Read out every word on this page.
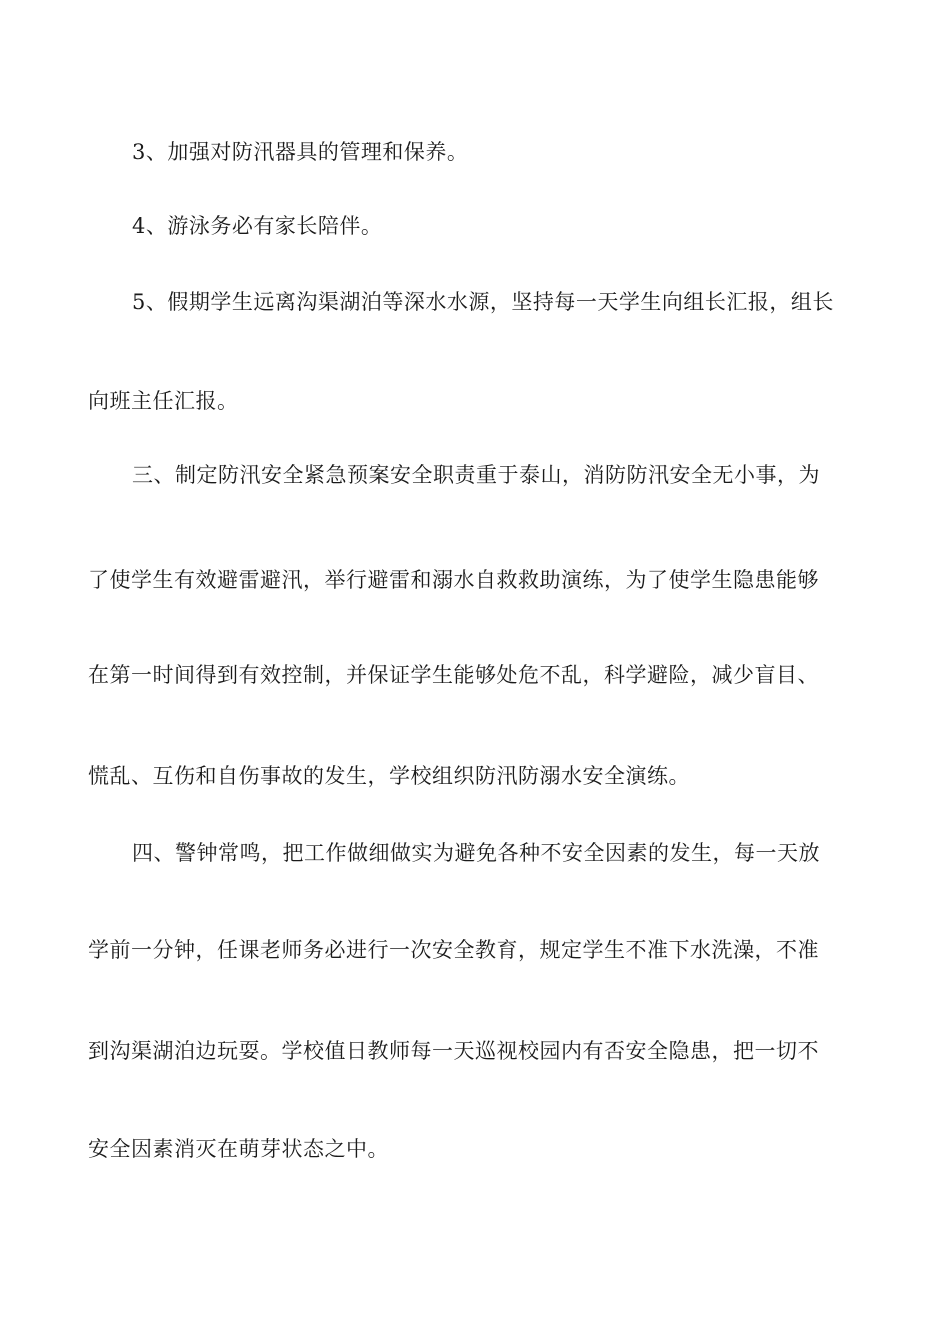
3、加强对防汛器具的管理和保养。
4、游泳务必有家长陪伴。
5、假期学生远离沟渠湖泊等深水水源，坚持每一天学生向组长汇报，组长
向班主任汇报。
三、制定防汛安全紧急预案安全职责重于泰山，消防防汛安全无小事，为
了使学生有效避雷避汛，举行避雷和溺水自救救助演练，为了使学生隐患能够
在第一时间得到有效控制，并保证学生能够处危不乱，科学避险，减少盲目、
慌乱、互伤和自伤事故的发生，学校组织防汛防溺水安全演练。
四、警钟常鸣，把工作做细做实为避免各种不安全因素的发生，每一天放
学前一分钟，任课老师务必进行一次安全教育，规定学生不准下水洗澡，不准
到沟渠湖泊边玩耍。学校值日教师每一天巡视校园内有否安全隐患，把一切不
安全因素消灭在萌芽状态之中。
